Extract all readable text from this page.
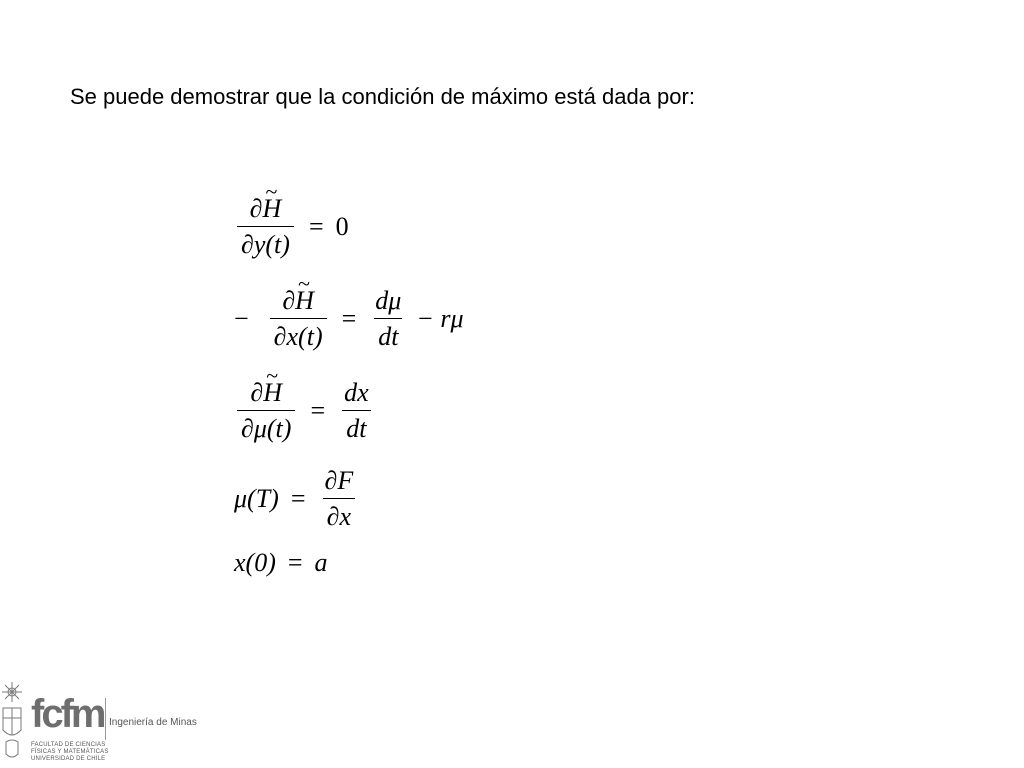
Se puede demostrar que la condición de máximo está dada por:
$\frac{\partial\sim H}{\partial y(t)} = 0$
− $\frac{\partial\sim H}{\partial x(t)} = \frac{d\mu}{dt} - r\mu$
$\frac{\partial\sim H}{\partial\mu(t)} = \frac{dx}{dt}$
$\mu(T) = \frac{\partial F}{\partial x}$
x(0) = a
fcfm Ingeniería de Minas
FACULTAD DE CIENCIAS
FÍSICAS Y MATEMÁTICAS
UNIVERSIDAD DE CHILE
